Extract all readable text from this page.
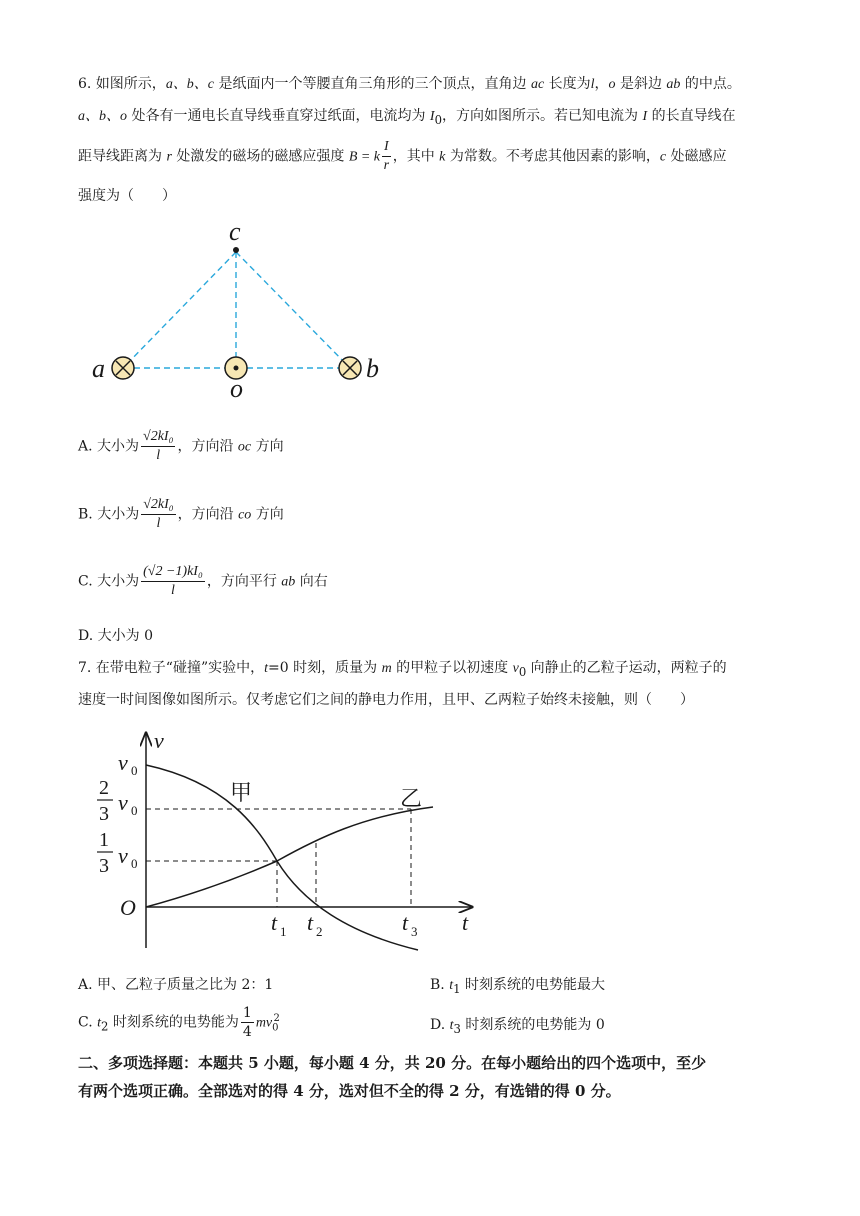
6. 如图所示，a、b、c 是纸面内一个等腰直角三角形的三个顶点，直角边 ac 长度为l，o 是斜边 ab 的中点。
a、b、o 处各有一通电长直导线垂直穿过纸面，电流均为 $I_0$，方向如图所示。若已知电流为 I 的长直导线在
距导线距离为 r 处激发的磁场的磁感应强度 B = k $\frac{I}{r}$ ，其中 k 为常数。不考虑其他因素的影响，c 处磁感应
强度为（　　）
c
a	b
o
A. 大小为 $\frac{\text{√2kI₀}}{l}$ ，方向沿 oc 方向
B. 大小为 $\frac{\text{√2kI₀}}{l}$ ，方向沿 co 方向
C. 大小为 $\frac{\text{(√2 −1)kI₀}}{l}$ ，方向平行 ab 向右
D. 大小为 0
7. 在带电粒子“碰撞”实验中，t=0 时刻，质量为 m 的甲粒子以初速度 $v_0$ 向静止的乙粒子运动，两粒子的
速度一时间图像如图所示。仅考虑它们之间的静电力作用，且甲、乙两粒子始终未接触，则（　　）
v
t
O
v 0
2
3 v 0
1
3 v 0
甲	乙
t 1 t 2	t 3
A. 甲、乙粒子质量之比为 2：1	B. $t_1$ 时刻系统的电势能最大
C. $t_2$ 时刻系统的电势能为 $\frac{1}{4} mv_0^2$	D. $t_3$ 时刻系统的电势能为 0
二、多项选择题：本题共 5 小题，每小题 4 分，共 20 分。在每小题给出的四个选项中，至少
有两个选项正确。全部选对的得 4 分，选对但不全的得 2 分，有选错的得 0 分。
